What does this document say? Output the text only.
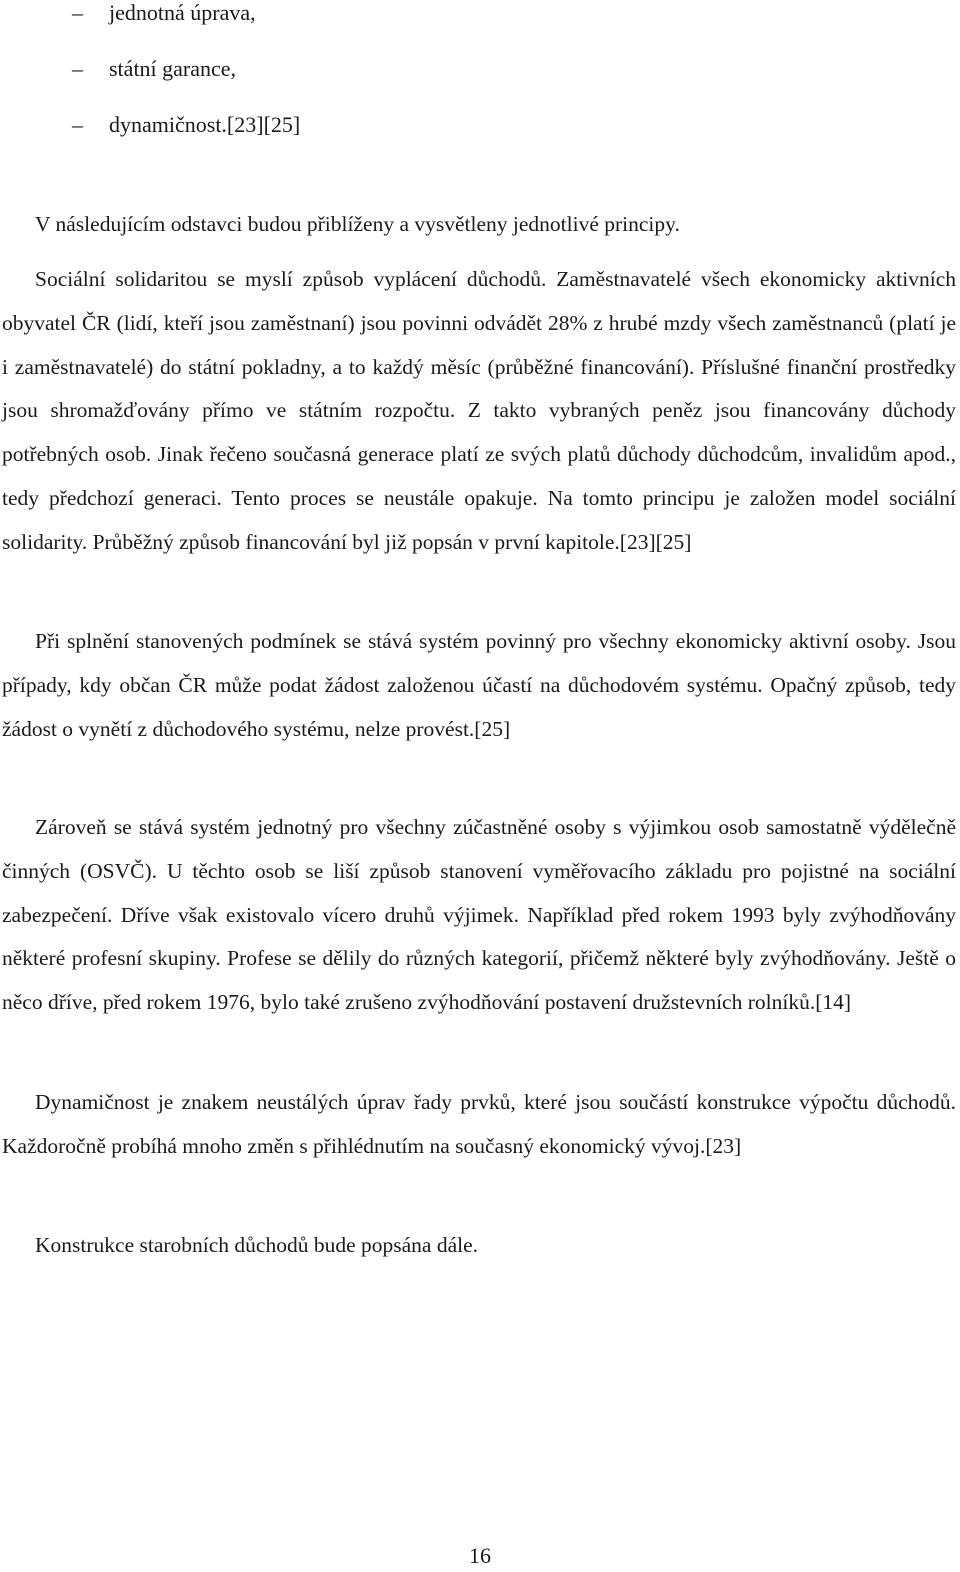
– jednotná úprava,
– státní garance,
– dynamičnost.[23][25]

V následujícím odstavci budou přiblíženy a vysvětleny jednotlivé principy.

Sociální solidaritou se myslí způsob vyplácení důchodů. Zaměstnavatelé všech ekonomicky aktivních obyvatel ČR (lidí, kteří jsou zaměstnaní) jsou povinni odvádět 28% z hrubé mzdy všech zaměstnanců (platí je i zaměstnavatelé) do státní pokladny, a to každý měsíc (průběžné financování). Příslušné finanční prostředky jsou shromažďovány přímo ve státním rozpočtu. Z takto vybraných peněz jsou financovány důchody potřebných osob. Jinak řečeno současná generace platí ze svých platů důchody důchodcům, invalidům apod., tedy předchozí generaci. Tento proces se neustále opakuje. Na tomto principu je založen model sociální solidarity. Průběžný způsob financování byl již popsán v první kapitole.[23][25]

Při splnění stanovených podmínek se stává systém povinný pro všechny ekonomicky aktivní osoby. Jsou případy, kdy občan ČR může podat žádost založenou účastí na důchodovém systému. Opačný způsob, tedy žádost o vynětí z důchodového systému, nelze provést.[25]

Zároveň se stává systém jednotný pro všechny zúčastněné osoby s výjimkou osob samostatně výdělečně činných (OSVČ). U těchto osob se liší způsob stanovení vyměřovacího základu pro pojistné na sociální zabezpečení. Dříve však existovalo vícero druhů výjimek. Například před rokem 1993 byly zvýhodňovány některé profesní skupiny. Profese se dělily do různých kategorií, přičemž některé byly zvýhodňovány. Ještě o něco dříve, před rokem 1976, bylo také zrušeno zvýhodňování postavení družstevních rolníků.[14]

Dynamičnost je znakem neustálých úprav řady prvků, které jsou součástí konstrukce výpočtu důchodů. Každoročně probíhá mnoho změn s přihlédnutím na současný ekonomický vývoj.[23]

Konstrukce starobních důchodů bude popsána dále.

16
